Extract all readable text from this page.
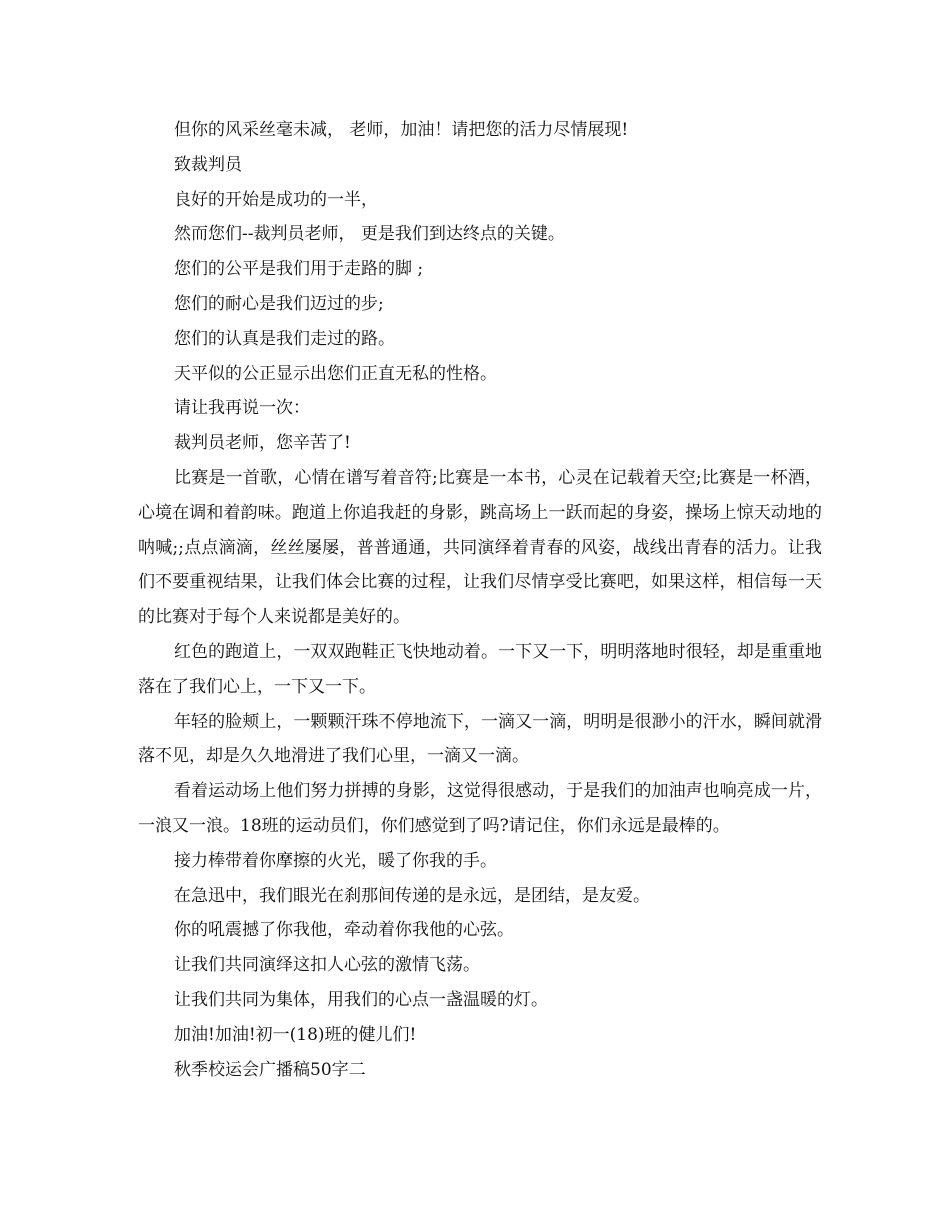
但你的风采丝毫未减， 老师，加油！请把您的活力尽情展现!

致裁判员

良好的开始是成功的一半，

然而您们--裁判员老师， 更是我们到达终点的关键。

您们的公平是我们用于走路的脚 ;

您们的耐心是我们迈过的步;

您们的认真是我们走过的路。

天平似的公正显示出您们正直无私的性格。

请让我再说一次：

裁判员老师，您辛苦了!

比赛是一首歌，心情在谱写着音符;比赛是一本书，心灵在记载着天空;比赛是一杯酒，心境在调和着韵味。跑道上你追我赶的身影，跳高场上一跃而起的身姿，操场上惊天动地的呐喊;;点点滴滴，丝丝屡屡，普普通通，共同演绎着青春的风姿，战线出青春的活力。让我们不要重视结果，让我们体会比赛的过程，让我们尽情享受比赛吧，如果这样，相信每一天的比赛对于每个人来说都是美好的。

红色的跑道上，一双双跑鞋正飞快地动着。一下又一下，明明落地时很轻，却是重重地落在了我们心上，一下又一下。

年轻的脸颊上，一颗颗汗珠不停地流下，一滴又一滴，明明是很渺小的汗水，瞬间就滑落不见，却是久久地滑进了我们心里，一滴又一滴。

看着运动场上他们努力拼搏的身影，这觉得很感动，于是我们的加油声也响亮成一片，一浪又一浪。18班的运动员们，你们感觉到了吗?请记住，你们永远是最棒的。

接力棒带着你摩擦的火光，暖了你我的手。

在急迅中，我们眼光在刹那间传递的是永远，是团结，是友爱。

你的吼震撼了你我他，牵动着你我他的心弦。

让我们共同演绎这扣人心弦的激情飞荡。

让我们共同为集体，用我们的心点一盏温暖的灯。

加油!加油!初一(18)班的健儿们!

秋季校运会广播稿50字二
